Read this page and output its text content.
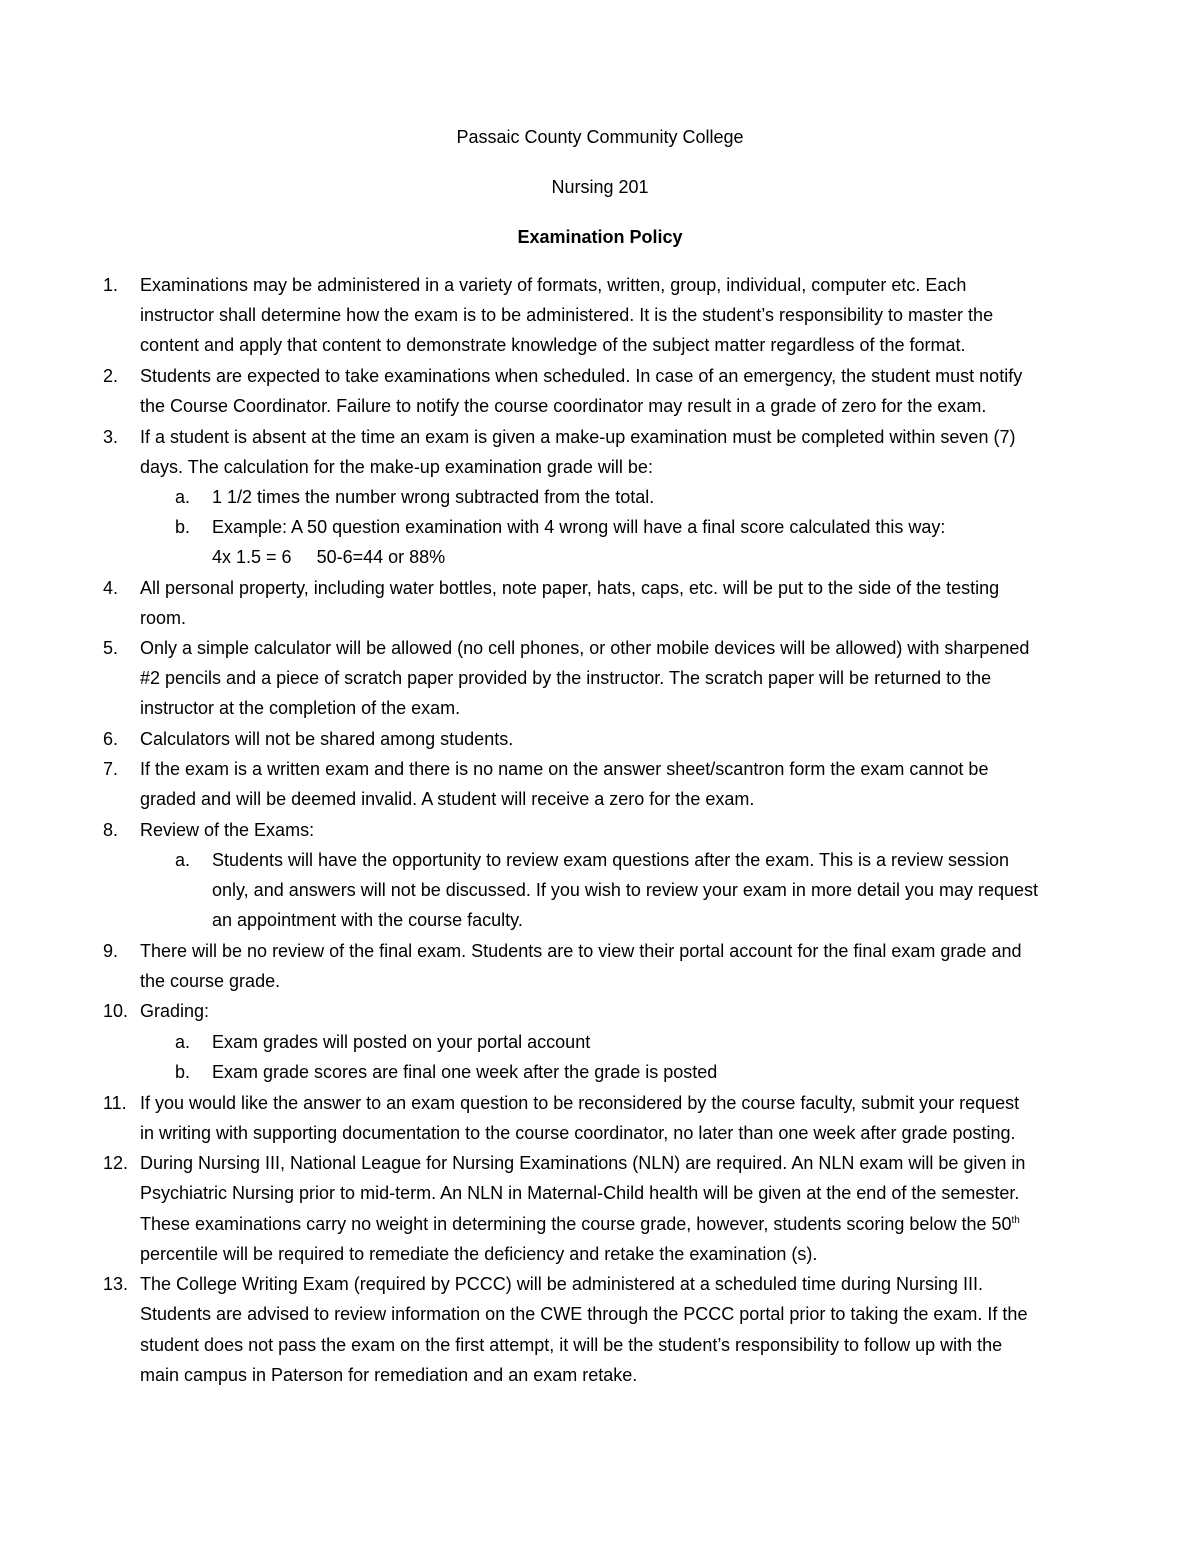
Passaic County Community College
Nursing 201
Examination Policy
1. Examinations may be administered in a variety of formats, written, group, individual, computer etc. Each
instructor shall determine how the exam is to be administered. It is the student’s responsibility to master the
content and apply that content to demonstrate knowledge of the subject matter regardless of the format.
2. Students are expected to take examinations when scheduled. In case of an emergency, the student must notify
the Course Coordinator. Failure to notify the course coordinator may result in a grade of zero for the exam.
3. If a student is absent at the time an exam is given a make-up examination must be completed within seven (7)
days. The calculation for the make-up examination grade will be:
a. 1 1/2 times the number wrong subtracted from the total.
b. Example: A 50 question examination with 4 wrong will have a final score calculated this way:
4x 1.5 = 6     50-6=44 or 88%
4. All personal property, including water bottles, note paper, hats, caps, etc. will be put to the side of the testing
room.
5. Only a simple calculator will be allowed (no cell phones, or other mobile devices will be allowed) with sharpened
#2 pencils and a piece of scratch paper provided by the instructor. The scratch paper will be returned to the
instructor at the completion of the exam.
6. Calculators will not be shared among students.
7. If the exam is a written exam and there is no name on the answer sheet/scantron form the exam cannot be
graded and will be deemed invalid. A student will receive a zero for the exam.
8. Review of the Exams:
a. Students will have the opportunity to review exam questions after the exam. This is a review session
only, and answers will not be discussed. If you wish to review your exam in more detail you may request
an appointment with the course faculty.
9. There will be no review of the final exam. Students are to view their portal account for the final exam grade and
the course grade.
10. Grading:
a. Exam grades will posted on your portal account
b. Exam grade scores are final one week after the grade is posted
11. If you would like the answer to an exam question to be reconsidered by the course faculty, submit your request
in writing with supporting documentation to the course coordinator, no later than one week after grade posting.
12. During Nursing III, National League for Nursing Examinations (NLN) are required. An NLN exam will be given in
Psychiatric Nursing prior to mid-term. An NLN in Maternal-Child health will be given at the end of the semester.
These examinations carry no weight in determining the course grade, however, students scoring below the 50th
percentile will be required to remediate the deficiency and retake the examination (s).
13. The College Writing Exam (required by PCCC) will be administered at a scheduled time during Nursing III.
Students are advised to review information on the CWE through the PCCC portal prior to taking the exam. If the
student does not pass the exam on the first attempt, it will be the student’s responsibility to follow up with the
main campus in Paterson for remediation and an exam retake.
